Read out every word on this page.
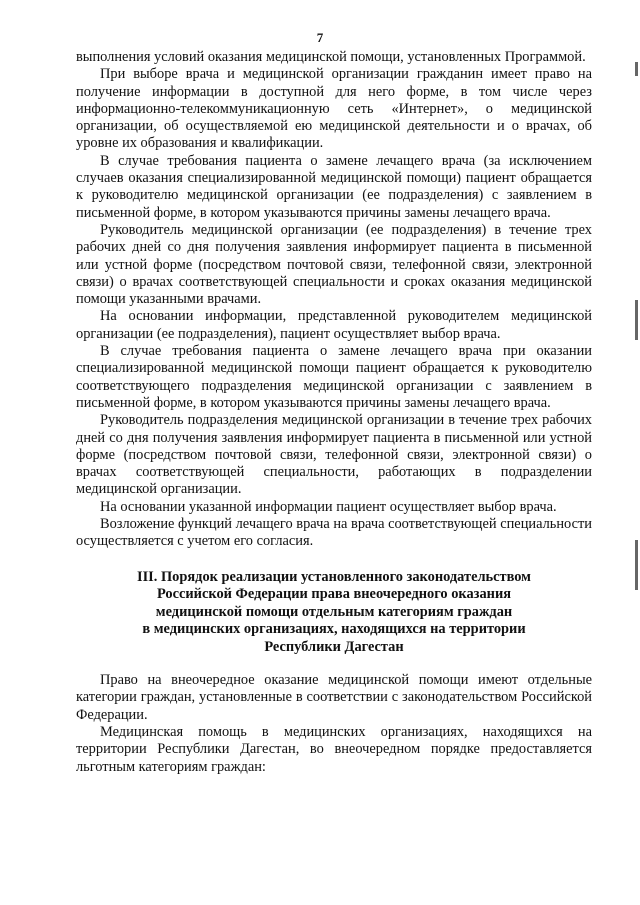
7

выполнения условий оказания медицинской помощи, установленных Программой.

При выборе врача и медицинской организации гражданин имеет право на получение информации в доступной для него форме, в том числе через информационно-телекоммуникационную сеть «Интернет», о медицинской организации, об осуществляемой ею медицинской деятельности и о врачах, об уровне их образования и квалификации.

В случае требования пациента о замене лечащего врача (за исключением случаев оказания специализированной медицинской помощи) пациент обращается к руководителю медицинской организации (ее подразделения) с заявлением в письменной форме, в котором указываются причины замены лечащего врача.

Руководитель медицинской организации (ее подразделения) в течение трех рабочих дней со дня получения заявления информирует пациента в письменной или устной форме (посредством почтовой связи, телефонной связи, электронной связи) о врачах соответствующей специальности и сроках оказания медицинской помощи указанными врачами.

На основании информации, представленной руководителем медицинской организации (ее подразделения), пациент осуществляет выбор врача.

В случае требования пациента о замене лечащего врача при оказании специализированной медицинской помощи пациент обращается к руководителю соответствующего подразделения медицинской организации с заявлением в письменной форме, в котором указываются причины замены лечащего врача.

Руководитель подразделения медицинской организации в течение трех рабочих дней со дня получения заявления информирует пациента в письменной или устной форме (посредством почтовой связи, телефонной связи, электронной связи) о врачах соответствующей специальности, работающих в подразделении медицинской организации.

На основании указанной информации пациент осуществляет выбор врача.

Возложение функций лечащего врача на врача соответствующей специальности осуществляется с учетом его согласия.

III. Порядок реализации установленного законодательством
Российской Федерации права внеочередного оказания
медицинской помощи отдельным категориям граждан
в медицинских организациях, находящихся на территории
Республики Дагестан

Право на внеочередное оказание медицинской помощи имеют отдельные категории граждан, установленные в соответствии с законодательством Российской Федерации.

Медицинская помощь в медицинских организациях, находящихся на территории Республики Дагестан, во внеочередном порядке предоставляется льготным категориям граждан:
